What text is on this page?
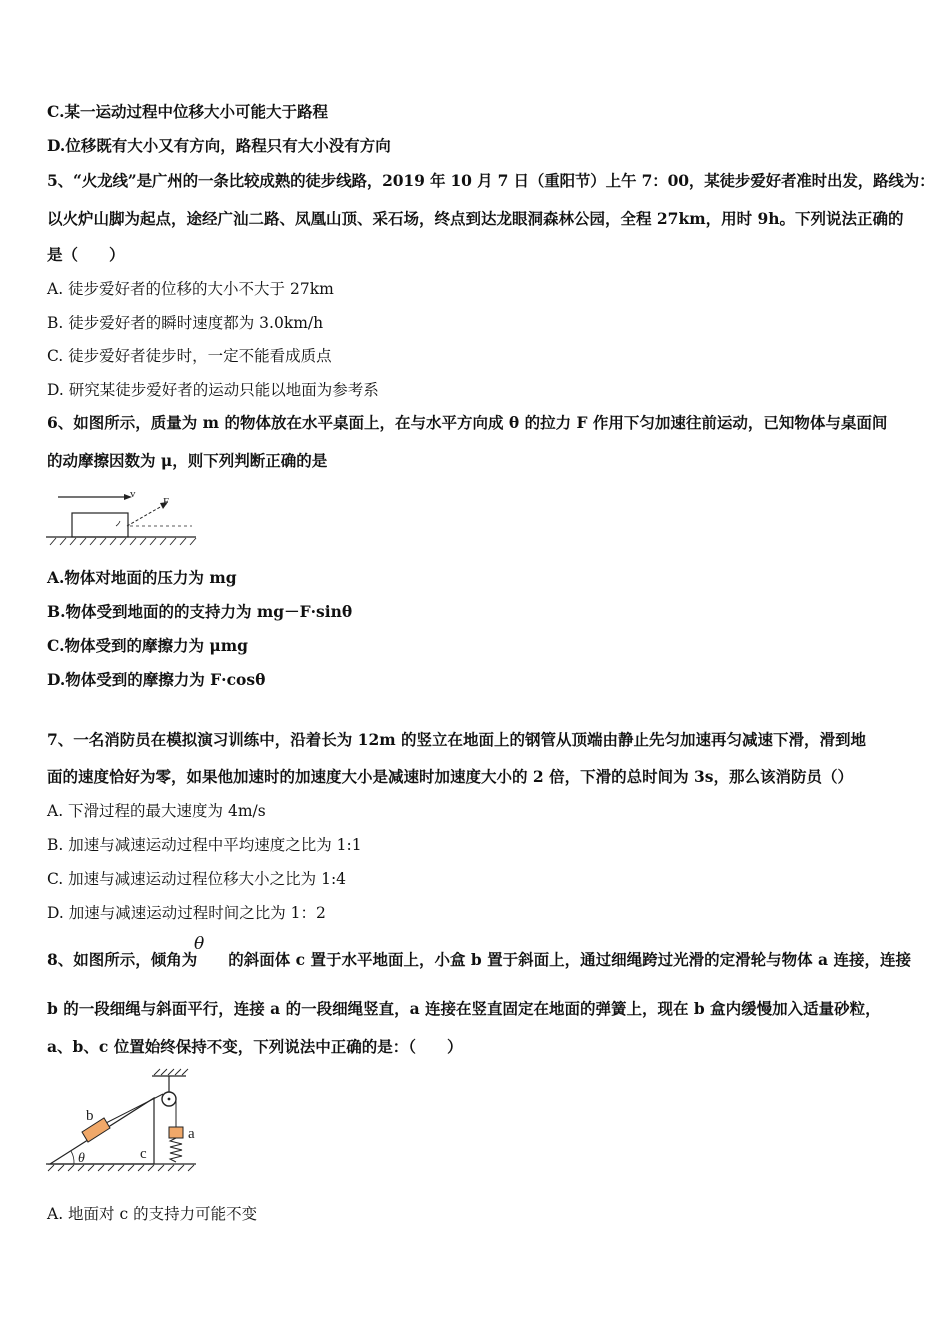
C.某一运动过程中位移大小可能大于路程
D.位移既有大小又有方向，路程只有大小没有方向
5、“火龙线”是广州的一条比较成熟的徒步线路，2019 年 10 月 7 日（重阳节）上午 7：00，某徒步爱好者准时出发，路线为：
以火炉山脚为起点，途经广汕二路、凤凰山顶、采石场，终点到达龙眼洞森林公园，全程 27km，用时 9h。下列说法正确的
是（　　）
A. 徒步爱好者的位移的大小不大于 27km
B. 徒步爱好者的瞬时速度都为 3.0km/h
C. 徒步爱好者徒步时，一定不能看成质点
D. 研究某徒步爱好者的运动只能以地面为参考系
6、如图所示，质量为 m 的物体放在水平桌面上，在与水平方向成 θ 的拉力 F 作用下匀加速往前运动，已知物体与桌面间
的动摩擦因数为 μ，则下列判断正确的是
v
F
A.物体对地面的压力为 mg
B.物体受到地面的的支持力为 mg－F·sinθ
C.物体受到的摩擦力为 μmg
D.物体受到的摩擦力为 F·cosθ
7、一名消防员在模拟演习训练中，沿着长为 12m 的竖立在地面上的钢管从顶端由静止先匀加速再匀减速下滑，滑到地
面的速度恰好为零，如果他加速时的加速度大小是减速时加速度大小的 2 倍，下滑的总时间为 3s，那么该消防员（）
A. 下滑过程的最大速度为 4m/s
B. 加速与减速运动过程中平均速度之比为 1:1
C. 加速与减速运动过程位移大小之比为 1:4
D. 加速与减速运动过程时间之比为 1：2
θ
8、如图所示，倾角为　　的斜面体 c 置于水平地面上，小盒 b 置于斜面上，通过细绳跨过光滑的定滑轮与物体 a 连接，连接
b 的一段细绳与斜面平行，连接 a 的一段细绳竖直，a 连接在竖直固定在地面的弹簧上，现在 b 盒内缓慢加入适量砂粒，
a、b、c 位置始终保持不变，下列说法中正确的是：（　　）
b
a
c
θ
A. 地面对 c 的支持力可能不变
